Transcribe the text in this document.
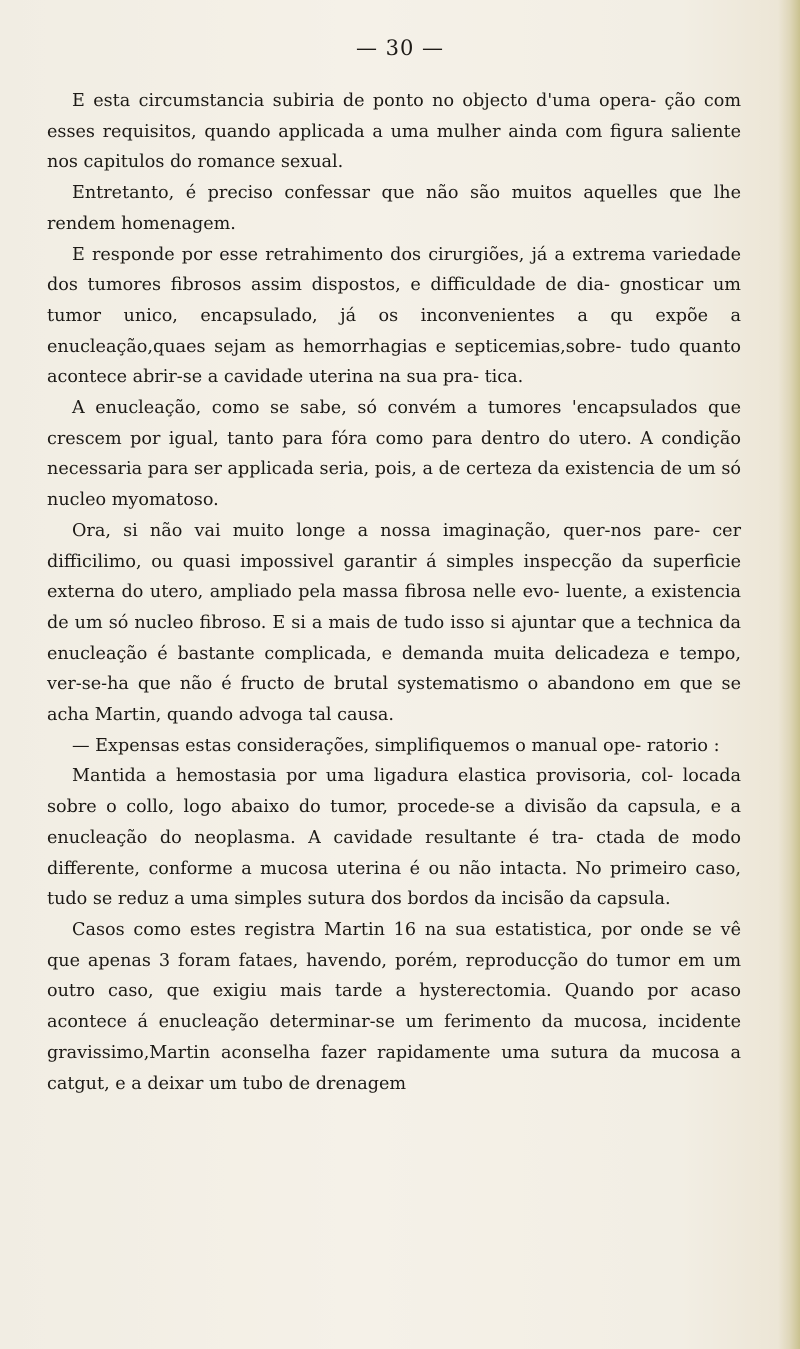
— 30 —

E esta circumstancia subiria de ponto no objecto d'uma opera- ção com esses requisitos, quando applicada a uma mulher ainda com figura saliente nos capitulos do romance sexual.

Entretanto, é preciso confessar que não são muitos aquelles que lhe rendem homenagem.

E responde por esse retrahimento dos cirurgiões, já a extrema variedade dos tumores fibrosos assim dispostos, e difficuldade de dia- gnosticar um tumor unico, encapsulado, já os inconvenientes a qu expõe a enucleação,quaes sejam as hemorrhagias e septicemias,sobre- tudo quanto acontece abrir-se a cavidade uterina na sua pra- tica.

A enucleação, como se sabe, só convém a tumores 'encapsulados que crescem por igual, tanto para fóra como para dentro do utero. A condição necessaria para ser applicada seria, pois, a de certeza da existencia de um só nucleo myomatoso.

Ora, si não vai muito longe a nossa imaginação, quer-nos pare- cer difficilimo, ou quasi impossivel garantir á simples inspecção da superficie externa do utero, ampliado pela massa fibrosa nelle evo- luente, a existencia de um só nucleo fibroso. E si a mais de tudo isso si ajuntar que a technica da enucleação é bastante complicada, e demanda muita delicadeza e tempo, ver-se-ha que não é fructo de brutal systematismo o abandono em que se acha Martin, quando advoga tal causa.

— Expensas estas considerações, simplifiquemos o manual ope- ratorio :

Mantida a hemostasia por uma ligadura elastica provisoria, col- locada sobre o collo, logo abaixo do tumor, procede-se a divisão da capsula, e a enucleação do neoplasma. A cavidade resultante é tra- ctada de modo differente, conforme a mucosa uterina é ou não intacta. No primeiro caso, tudo se reduz a uma simples sutura dos bordos da incisão da capsula.

Casos como estes registra Martin 16 na sua estatistica, por onde se vê que apenas 3 foram fataes, havendo, porém, reproducção do tumor em um outro caso, que exigiu mais tarde a hysterectomia. Quando por acaso acontece á enucleação determinar-se um ferimento da mucosa, incidente gravissimo,Martin aconselha fazer rapidamente uma sutura da mucosa a catgut, e a deixar um tubo de drenagem
